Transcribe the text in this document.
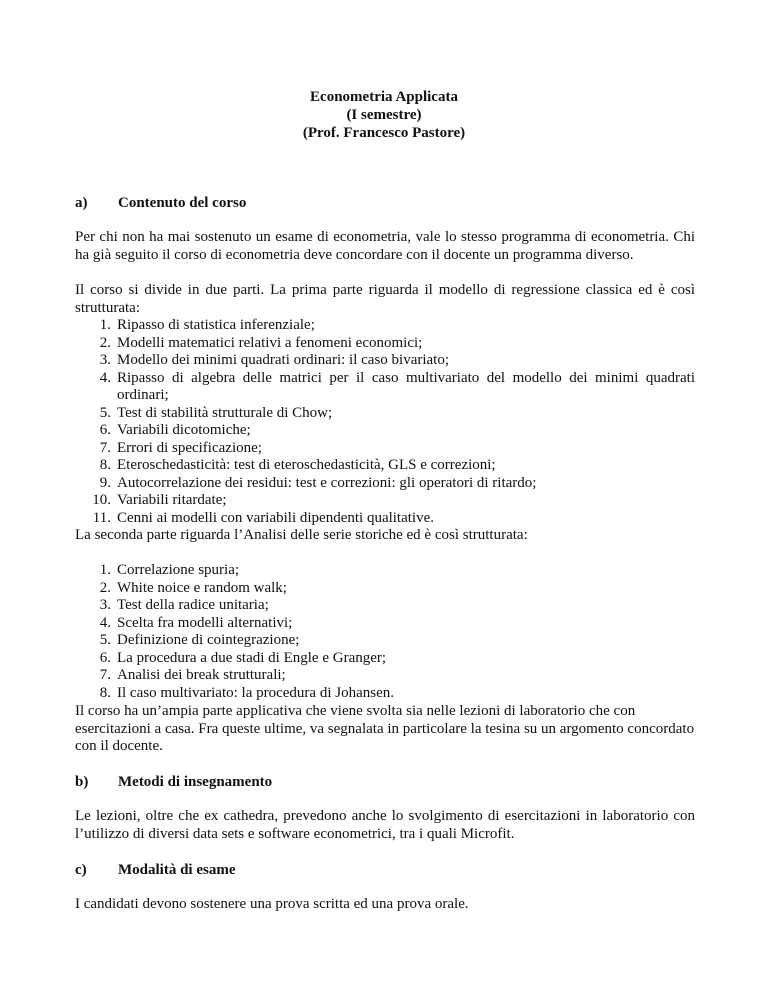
Econometria Applicata
(I semestre)
(Prof. Francesco Pastore)
a) Contenuto del corso
Per chi non ha mai sostenuto un esame di econometria, vale lo stesso programma di econometria. Chi ha già seguito il corso di econometria deve concordare con il docente un programma diverso.
Il corso si divide in due parti. La prima parte riguarda il modello di regressione classica ed è così strutturata:
1. Ripasso di statistica inferenziale;
2. Modelli matematici relativi a fenomeni economici;
3. Modello dei minimi quadrati ordinari: il caso bivariato;
4. Ripasso di algebra delle matrici per il caso multivariato del modello dei minimi quadrati ordinari;
5. Test di stabilità strutturale di Chow;
6. Variabili dicotomiche;
7. Errori di specificazione;
8. Eteroschedasticità: test di eteroschedasticità, GLS e correzioni;
9. Autocorrelazione dei residui: test e correzioni: gli operatori di ritardo;
10. Variabili ritardate;
11. Cenni ai modelli con variabili dipendenti qualitative.
La seconda parte riguarda l’Analisi delle serie storiche ed è così strutturata:
1. Correlazione spuria;
2. White noice e random walk;
3. Test della radice unitaria;
4. Scelta fra modelli alternativi;
5. Definizione di cointegrazione;
6. La procedura a due stadi di Engle e Granger;
7. Analisi dei break strutturali;
8. Il caso multivariato: la procedura di Johansen.
Il corso ha un’ampia parte applicativa che viene svolta sia nelle lezioni di laboratorio che con esercitazioni a casa. Fra queste ultime, va segnalata in particolare la tesina su un argomento concordato con il docente.
b) Metodi di insegnamento
Le lezioni, oltre che ex cathedra, prevedono anche lo svolgimento di esercitazioni in laboratorio con l’utilizzo di diversi data sets e software econometrici, tra i quali Microfit.
c) Modalità di esame
I candidati devono sostenere una prova scritta ed una prova orale.
